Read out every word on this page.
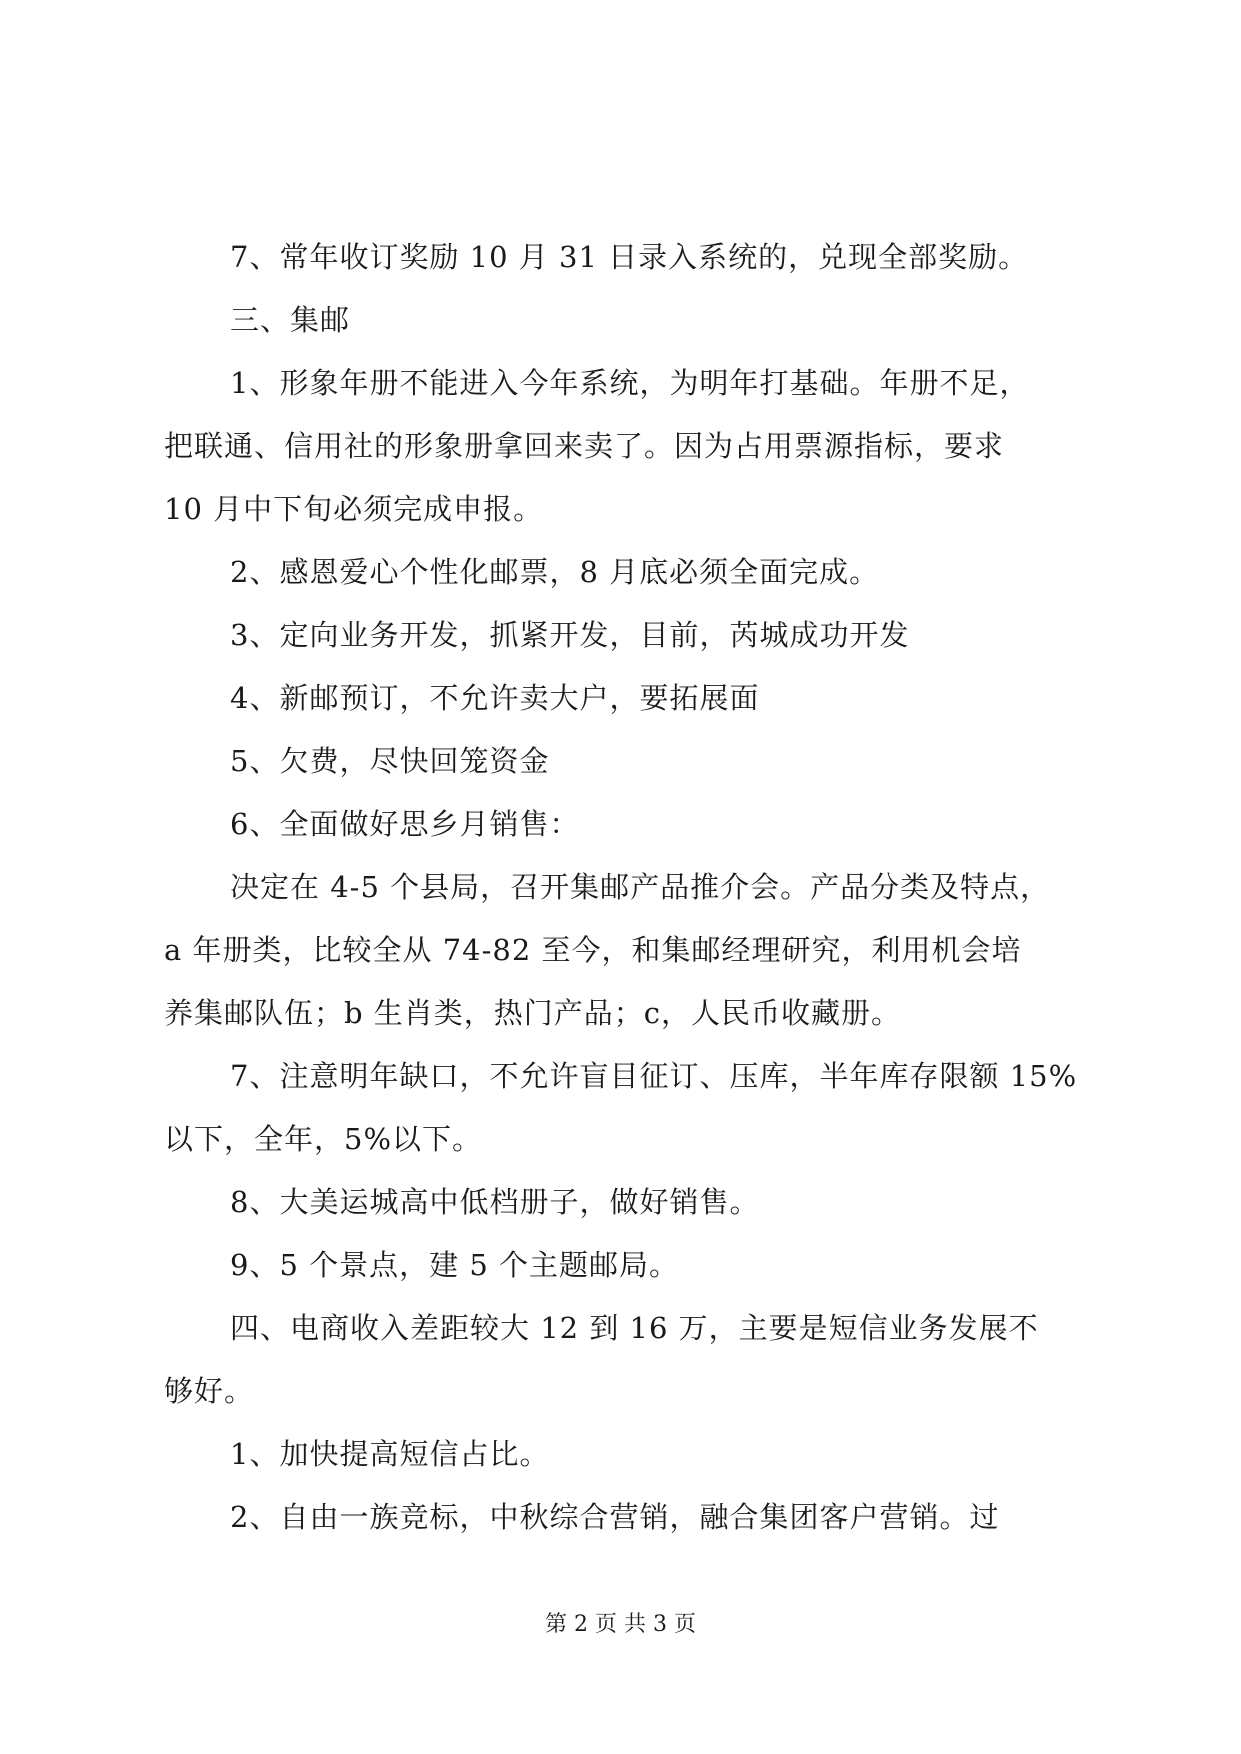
7、常年收订奖励 10 月 31 日录入系统的，兑现全部奖励。
三、集邮
1、形象年册不能进入今年系统，为明年打基础。年册不足，
把联通、信用社的形象册拿回来卖了。因为占用票源指标，要求
10 月中下旬必须完成申报。
2、感恩爱心个性化邮票，8 月底必须全面完成。
3、定向业务开发，抓紧开发，目前，芮城成功开发
4、新邮预订，不允许卖大户，要拓展面
5、欠费，尽快回笼资金
6、全面做好思乡月销售：
决定在 4-5 个县局，召开集邮产品推介会。产品分类及特点，
a 年册类，比较全从 74-82 至今，和集邮经理研究，利用机会培
养集邮队伍；b 生肖类，热门产品；c，人民币收藏册。
7、注意明年缺口，不允许盲目征订、压库，半年库存限额 15%
以下，全年，5%以下。
8、大美运城高中低档册子，做好销售。
9、5 个景点，建 5 个主题邮局。
四、电商收入差距较大 12 到 16 万，主要是短信业务发展不
够好。
1、加快提高短信占比。
2、自由一族竞标，中秋综合营销，融合集团客户营销。过
第 2 页 共 3 页
